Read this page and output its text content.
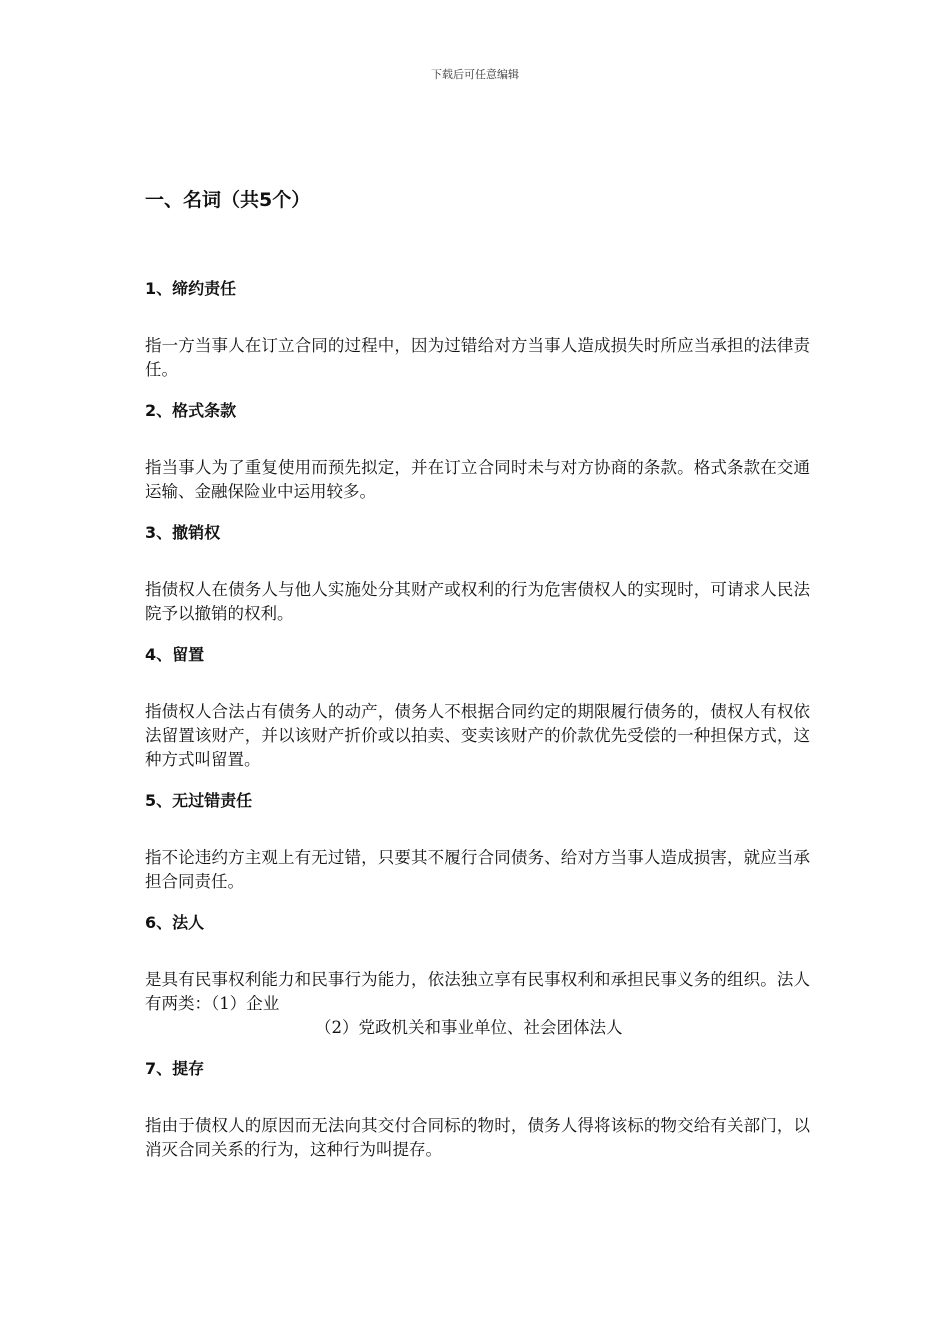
下载后可任意编辑
一、名词（共5个）
1、缔约责任

指一方当事人在订立合同的过程中，因为过错给对方当事人造成损失时所应当承担的法律责任。

2、格式条款

指当事人为了重复使用而预先拟定，并在订立合同时未与对方协商的条款。格式条款在交通运输、金融保险业中运用较多。

3、撤销权

指债权人在债务人与他人实施处分其财产或权利的行为危害债权人的实现时，可请求人民法院予以撤销的权利。

4、留置

指债权人合法占有债务人的动产，债务人不根据合同约定的期限履行债务的，债权人有权依法留置该财产，并以该财产折价或以拍卖、变卖该财产的价款优先受偿的一种担保方式，这种方式叫留置。

5、无过错责任

指不论违约方主观上有无过错，只要其不履行合同债务、给对方当事人造成损害，就应当承担合同责任。

6、法人

是具有民事权利能力和民事行为能力，依法独立享有民事权利和承担民事义务的组织。法人有两类：（1）企业

（2）党政机关和事业单位、社会团体法人

7、提存

指由于债权人的原因而无法向其交付合同标的物时，债务人得将该标的物交给有关部门，以消灭合同关系的行为，这种行为叫提存。
